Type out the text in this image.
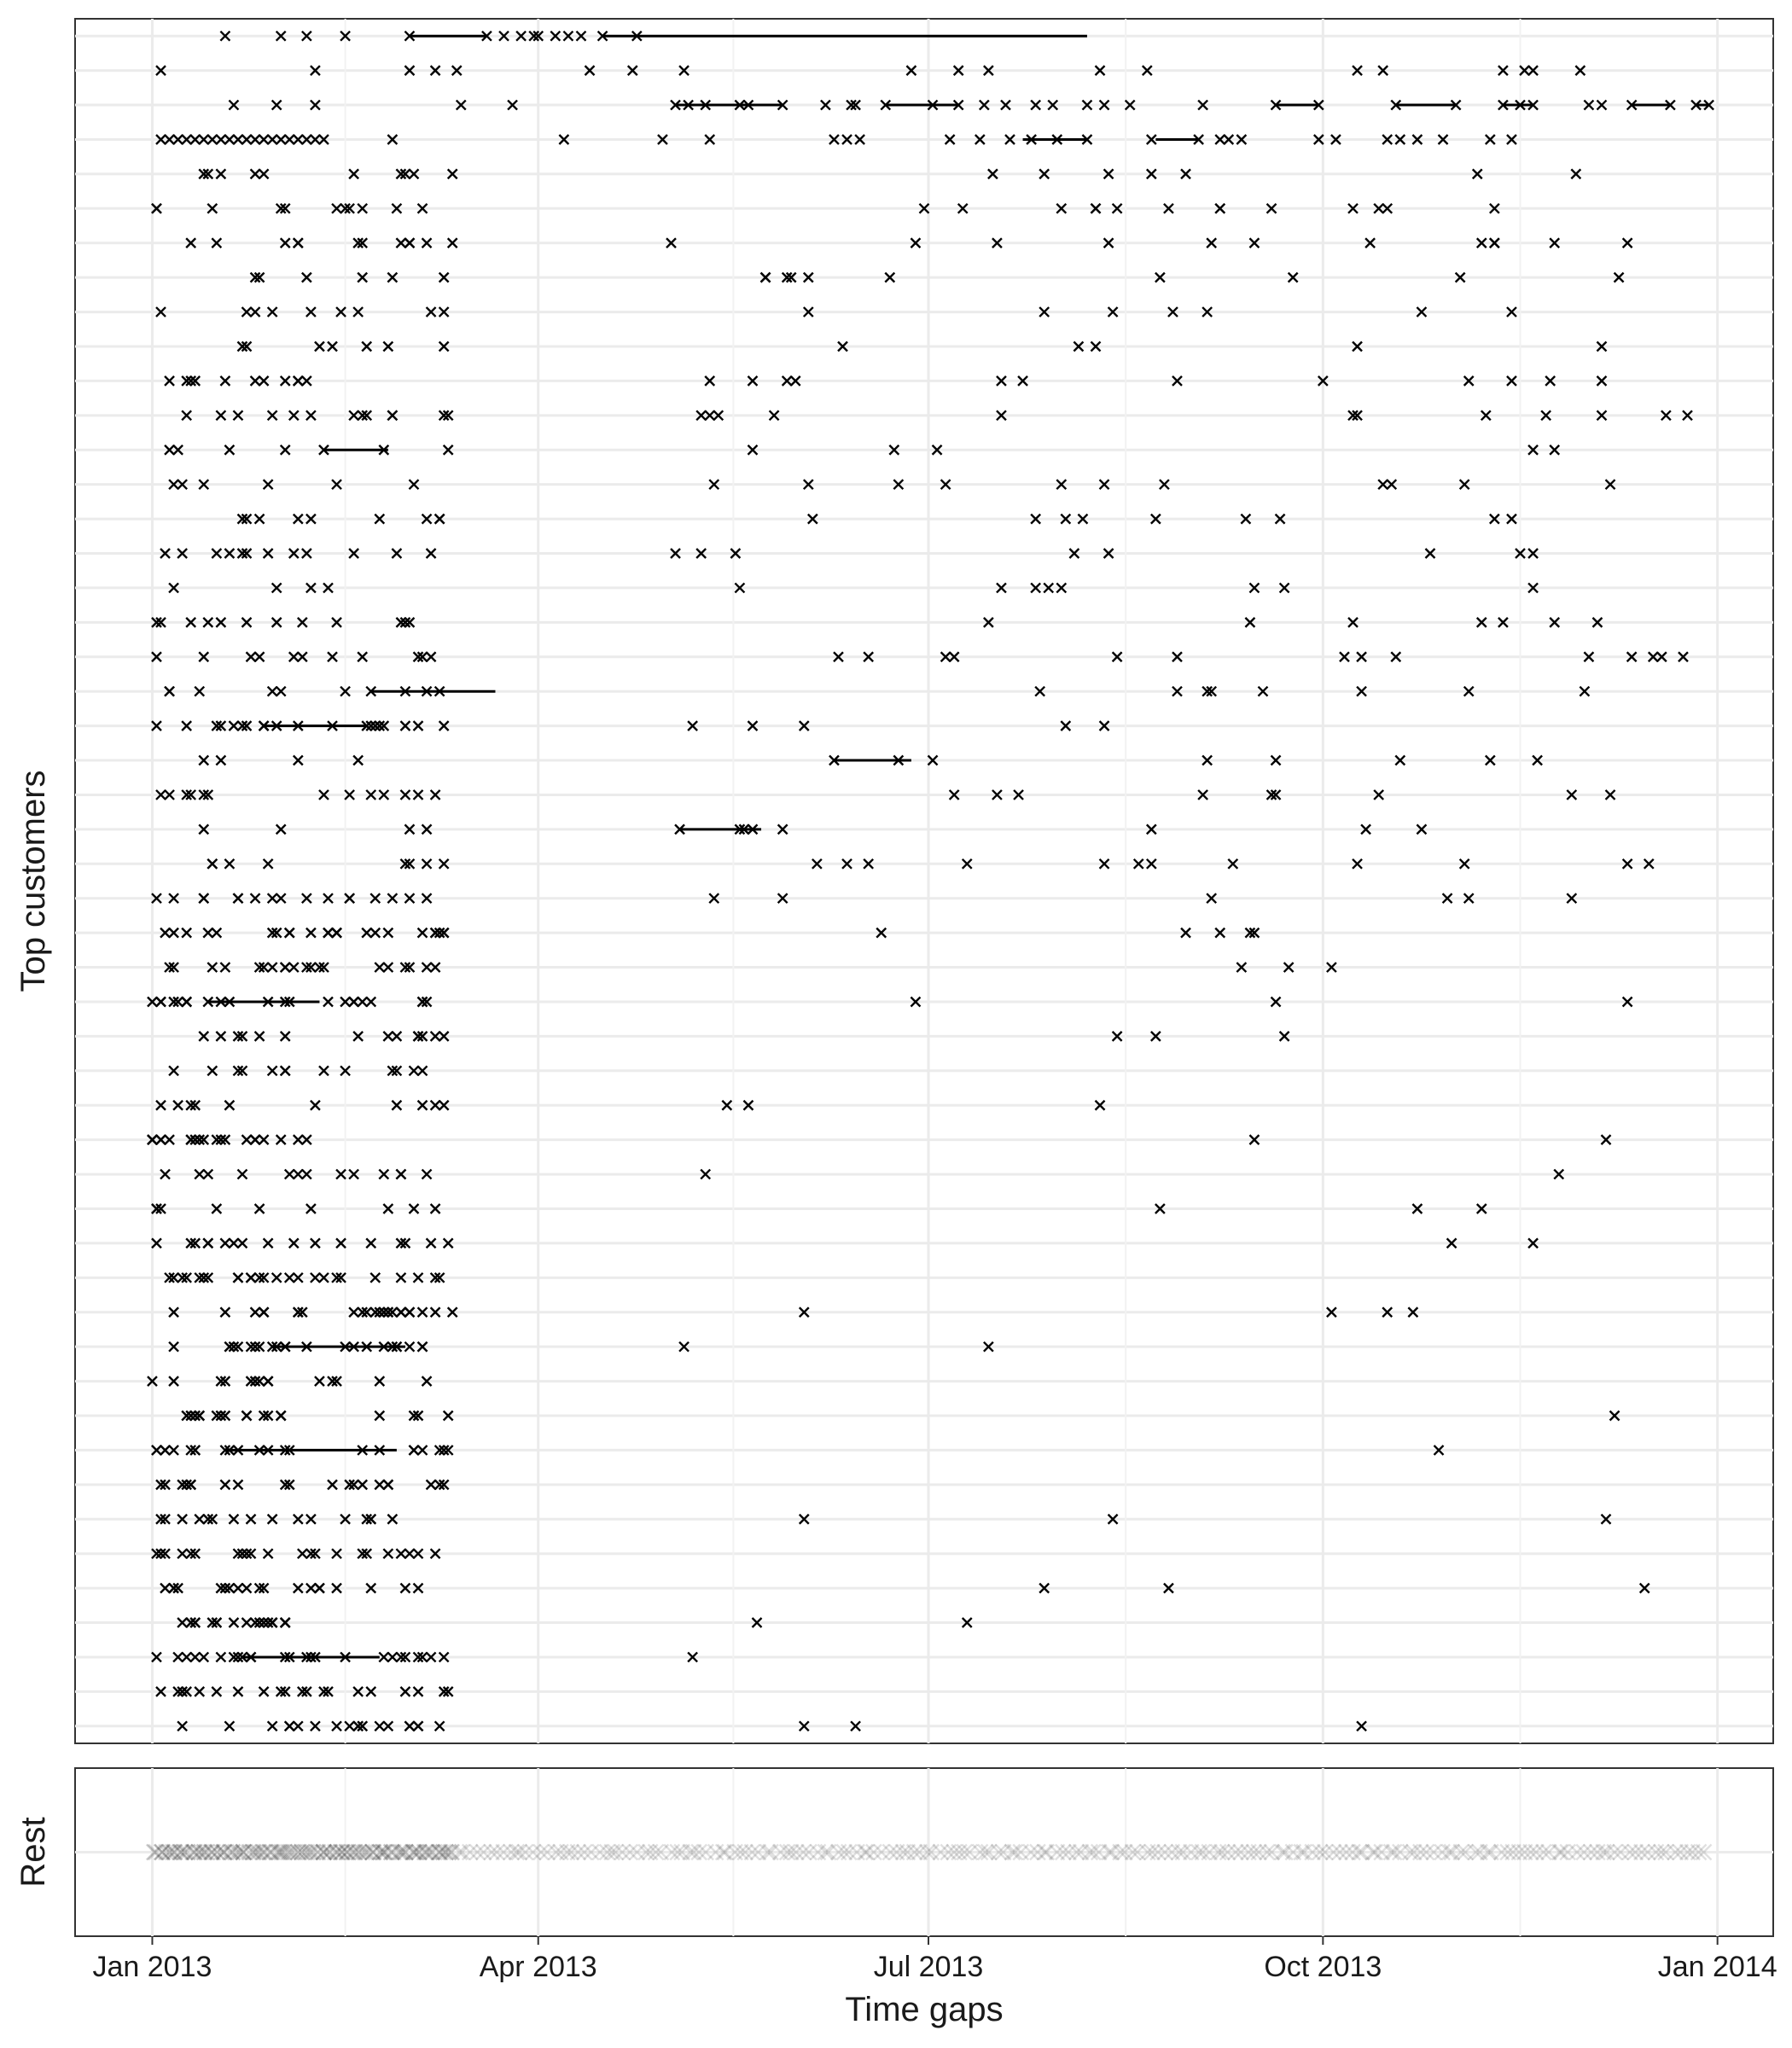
Jan 2013	Apr 2013	Jul 2013	Oct 2013	Jan 2014
Top customers
Rest
Time gaps
